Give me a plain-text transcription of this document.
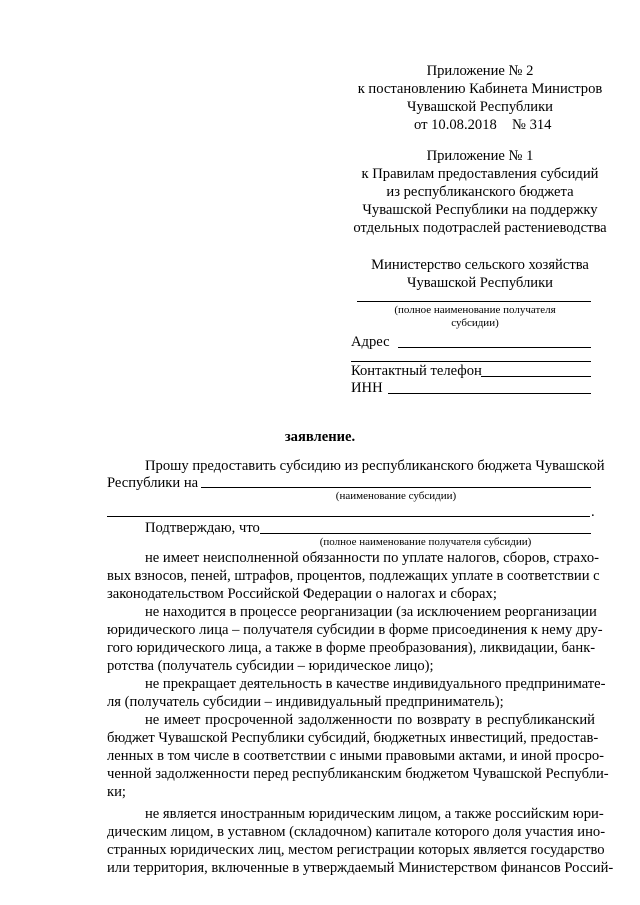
Приложение № 2
к постановлению Кабинета Министров
Чувашской Республики
от 10.08.2018 № 314
Приложение № 1
к Правилам предоставления субсидий
из республиканского бюджета
Чувашской Республики на поддержку
отдельных подотраслей растениеводства
Министерство сельского хозяйства
Чувашской Республики
(полное наименование получателя
субсидии)
Адрес
Контактный телефон
ИНН
заявление.
Прошу предоставить субсидию из республиканского бюджета Чувашской
Республики на
(наименование субсидии)
.
Подтверждаю, что
(полное наименование получателя субсидии)
не имеет неисполненной обязанности по уплате налогов, сборов, страхо-
вых взносов, пеней, штрафов, процентов, подлежащих уплате в соответствии с
законодательством Российской Федерации о налогах и сборах;
не находится в процессе реорганизации (за исключением реорганизации
юридического лица – получателя субсидии в форме присоединения к нему дру-
гого юридического лица, а также в форме преобразования), ликвидации, банк-
ротства (получатель субсидии – юридическое лицо);
не прекращает деятельность в качестве индивидуального предпринимате-
ля (получатель субсидии – индивидуальный предприниматель);
не имеет просроченной задолженности по возврату в республиканский
бюджет Чувашской Республики субсидий, бюджетных инвестиций, предостав-
ленных в том числе в соответствии с иными правовыми актами, и иной просро-
ченной задолженности перед республиканским бюджетом Чувашской Республи-
ки;
не является иностранным юридическим лицом, а также российским юри-
дическим лицом, в уставном (складочном) капитале которого доля участия ино-
странных юридических лиц, местом регистрации которых является государство
или территория, включенные в утверждаемый Министерством финансов Россий-
